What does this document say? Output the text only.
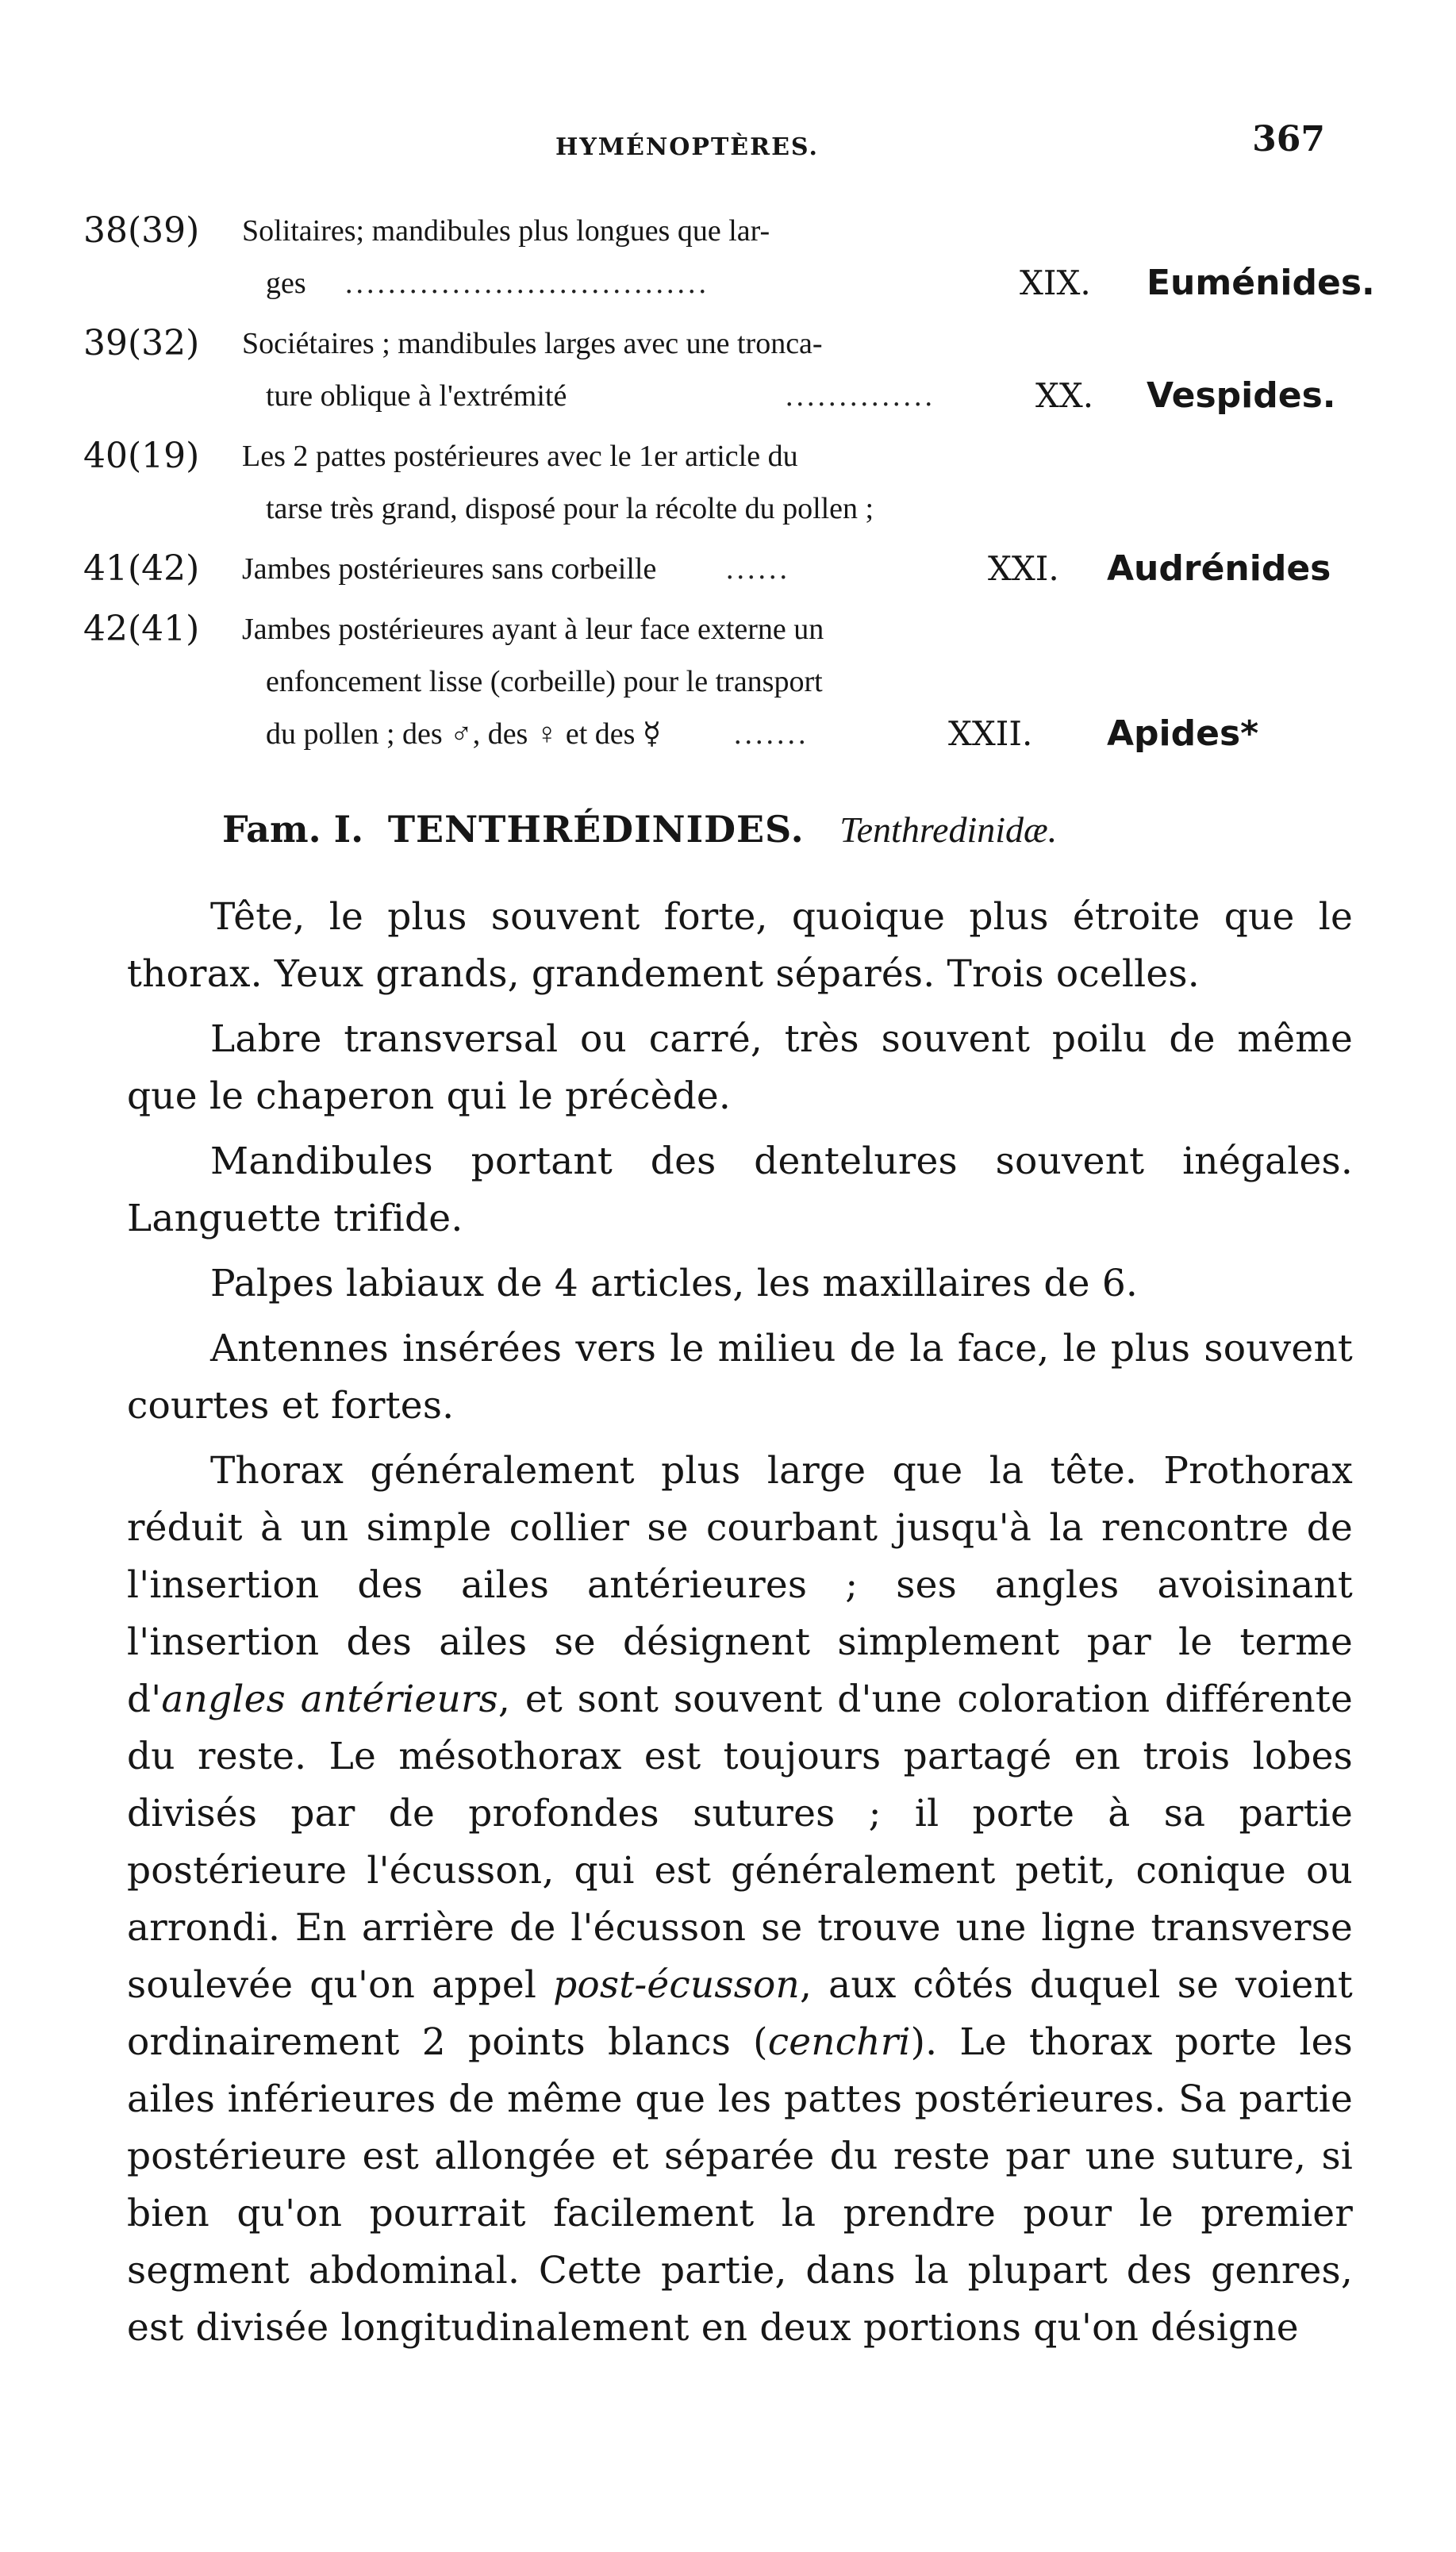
HYMÉNOPTÈRES.	367
38(39) Solitaires; mandibules plus longues que lar-
ges ..................................	XIX. Euménides.
39(32) Sociétaires ; mandibules larges avec une tronca-
ture oblique à l'extrémité	..............	XX. Vespides.
40(19) Les 2 pattes postérieures avec le 1er article du
tarse très grand, disposé pour la récolte du pollen ;
41(42) Jambes postérieures sans corbeille ......	XXI. Audrénides
42(41) Jambes postérieures ayant à leur face externe un
enfoncement lisse (corbeille) pour le transport
du pollen ; des ♂, des ♀ et des ☿ .......	XXII. Apides*
Fam. I. TENTHRÉDINIDES. Tenthredinidæ.

Tête, le plus souvent forte, quoique plus étroite que le thorax. Yeux grands, grandement séparés. Trois ocelles.

Labre transversal ou carré, très souvent poilu de même que le chaperon qui le précède.

Mandibules portant des dentelures souvent inégales. Languette trifide.

Palpes labiaux de 4 articles, les maxillaires de 6.

Antennes insérées vers le milieu de la face, le plus souvent courtes et fortes.

Thorax généralement plus large que la tête. Prothorax réduit à un simple collier se courbant jusqu'à la rencontre de l'insertion des ailes antérieures ; ses angles avoisinant l'insertion des ailes se désignent simplement par le terme d'angles antérieurs, et sont souvent d'une coloration différente du reste. Le mésothorax est toujours partagé en trois lobes divisés par de profondes sutures ; il porte à sa partie postérieure l'écusson, qui est généralement petit, conique ou arrondi. En arrière de l'écusson se trouve une ligne transverse soulevée qu'on appel post-écusson, aux côtés duquel se voient ordinairement 2 points blancs (cenchri). Le thorax porte les ailes inférieures de même que les pattes postérieures. Sa partie postérieure est allongée et séparée du reste par une suture, si bien qu'on pourrait facilement la prendre pour le premier segment abdominal. Cette partie, dans la plupart des genres, est divisée longitudinalement en deux portions qu'on désigne
